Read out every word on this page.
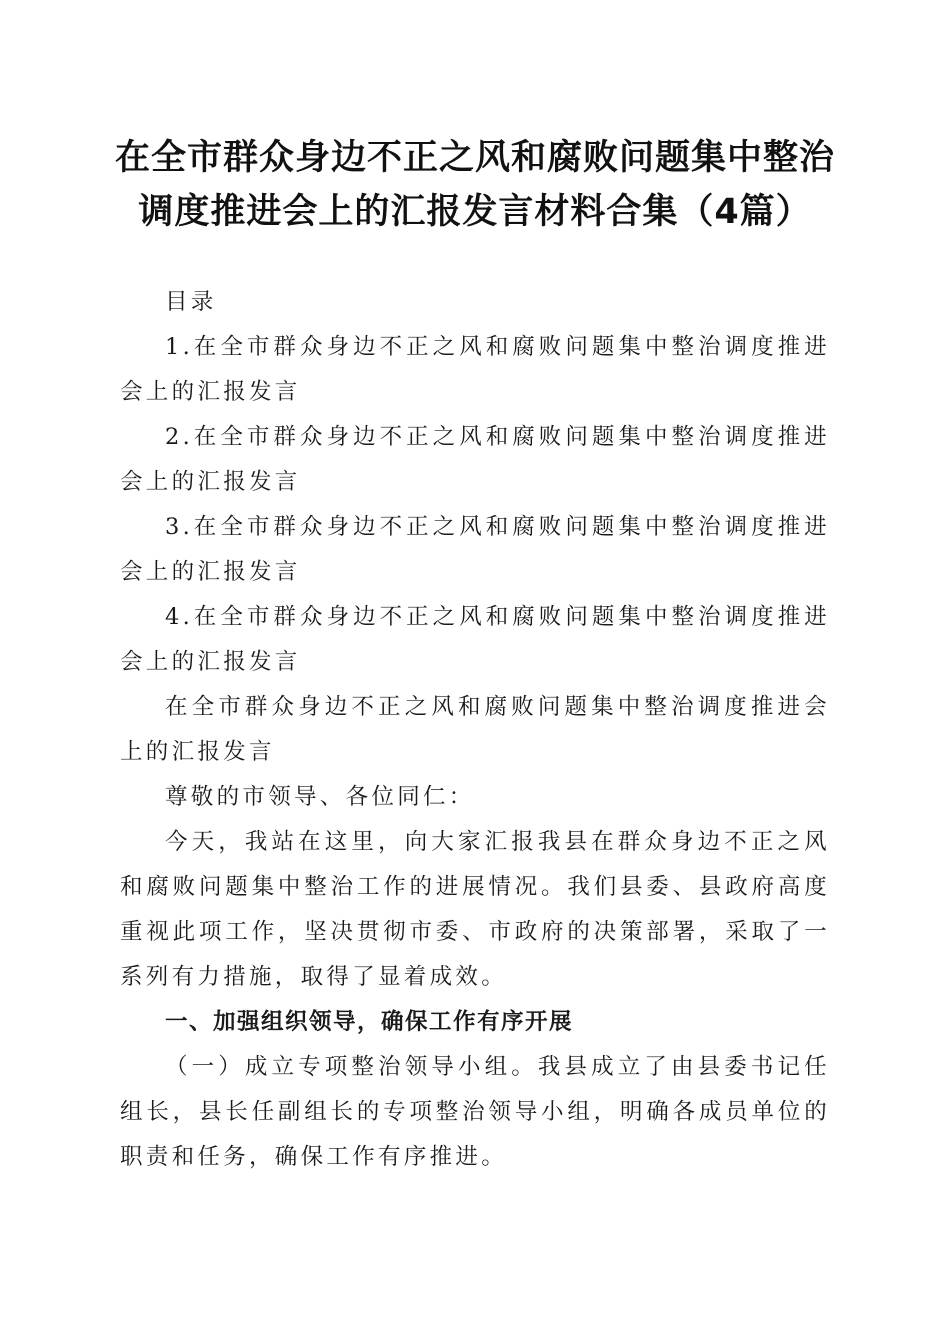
在全市群众身边不正之风和腐败问题集中整治
调度推进会上的汇报发言材料合集（4篇）

目录

1.在全市群众身边不正之风和腐败问题集中整治调度推进会上的汇报发言

2.在全市群众身边不正之风和腐败问题集中整治调度推进会上的汇报发言

3.在全市群众身边不正之风和腐败问题集中整治调度推进会上的汇报发言

4.在全市群众身边不正之风和腐败问题集中整治调度推进会上的汇报发言

在全市群众身边不正之风和腐败问题集中整治调度推进会上的汇报发言

尊敬的市领导、各位同仁：

今天，我站在这里，向大家汇报我县在群众身边不正之风和腐败问题集中整治工作的进展情况。我们县委、县政府高度重视此项工作，坚决贯彻市委、市政府的决策部署，采取了一系列有力措施，取得了显着成效。

一、加强组织领导，确保工作有序开展

（一）成立专项整治领导小组。我县成立了由县委书记任组长，县长任副组长的专项整治领导小组，明确各成员单位的职责和任务，确保工作有序推进。
